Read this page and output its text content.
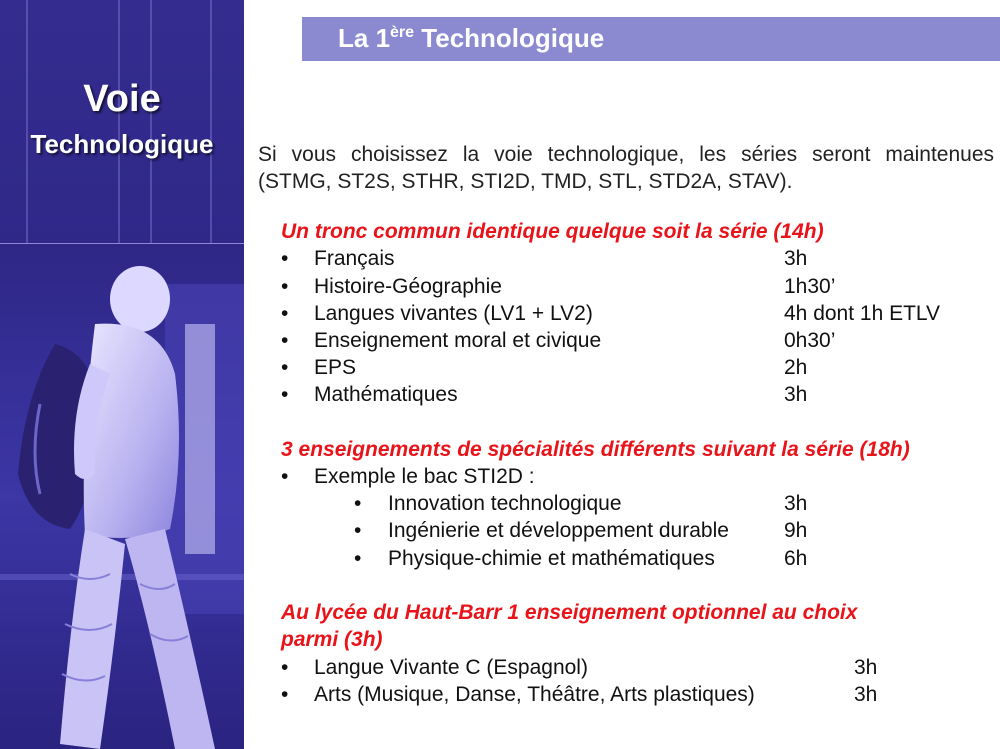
Voie
Technologique
La 1ère Technologique
Si vous choisissez la voie technologique, les séries seront maintenues
(STMG, ST2S, STHR, STI2D, TMD, STL, STD2A, STAV).
Un tronc commun identique quelque soit la série (14h)
• Français	3h
• Histoire-Géographie	1h30’
• Langues vivantes (LV1 + LV2)	4h dont 1h ETLV
• Enseignement moral et civique	0h30’
• EPS	2h
• Mathématiques	3h
3 enseignements de spécialités différents suivant la série (18h)
• Exemple le bac STI2D :
• Innovation technologique	3h
• Ingénierie et développement durable	9h
• Physique-chimie et mathématiques	6h
Au lycée du Haut-Barr 1 enseignement optionnel au choix
parmi (3h)
• Langue Vivante C (Espagnol)	3h
• Arts (Musique, Danse, Théâtre, Arts plastiques)	3h
